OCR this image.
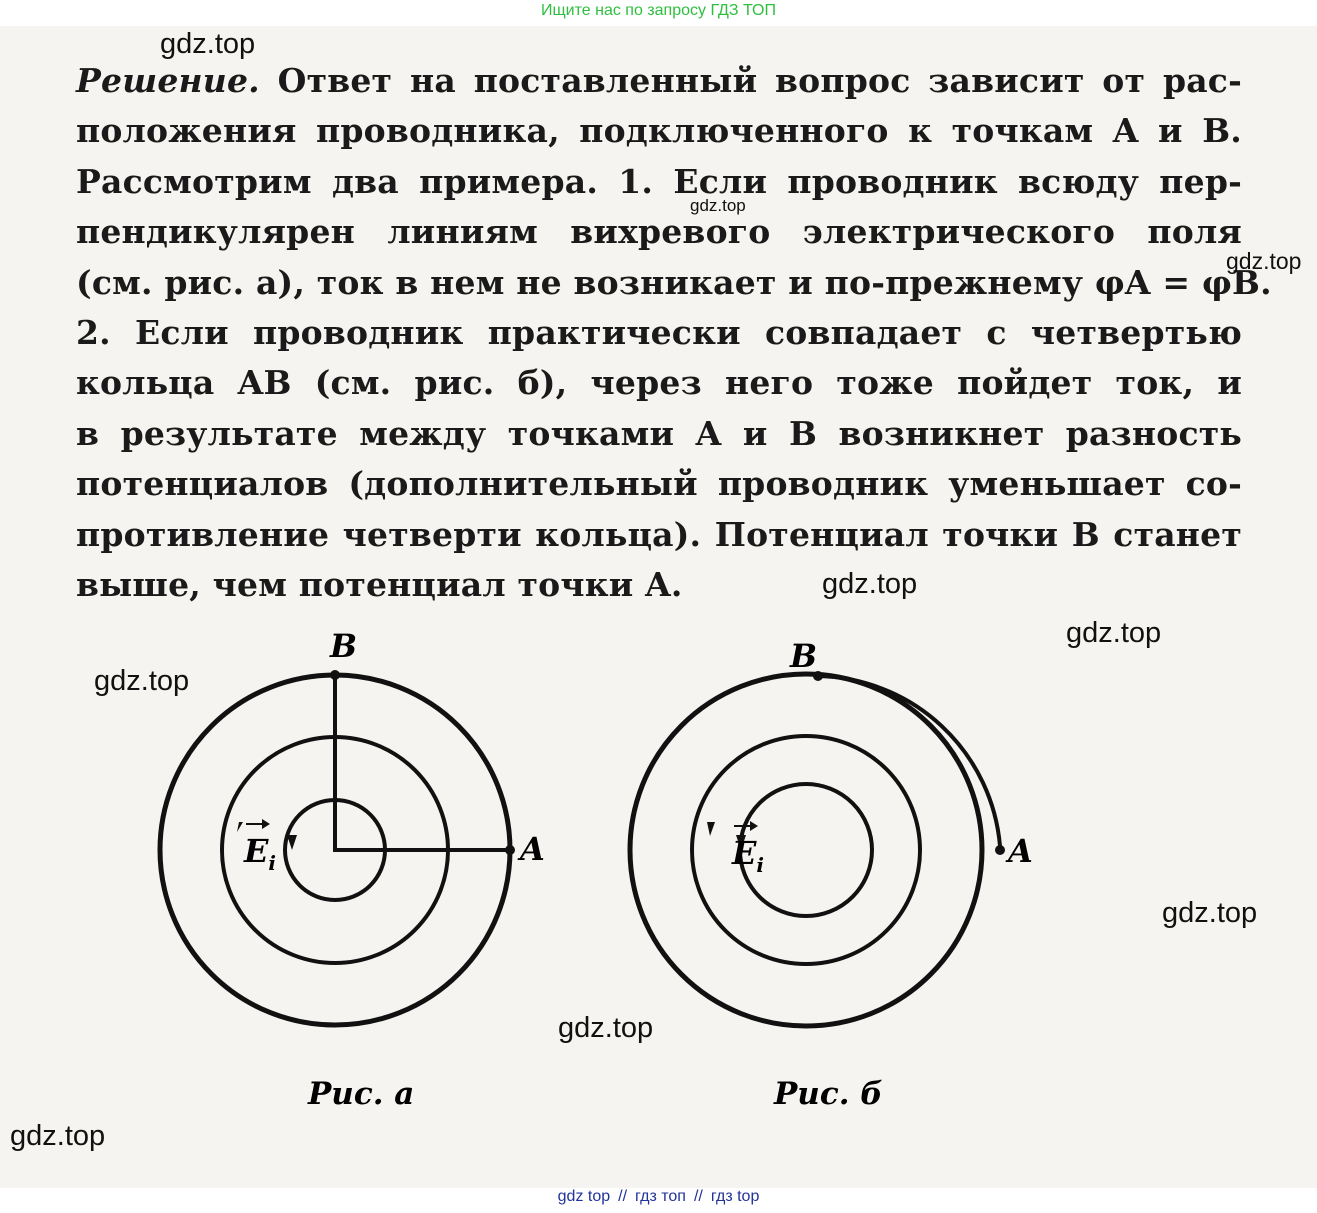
Ищите нас по запросу ГДЗ ТОП
Решение. Ответ на поставленный вопрос зависит от рас-
положения проводника, подключенного к точкам A и B.
Рассмотрим два примера. 1. Если проводник всюду пер-
пендикулярен линиям вихревого электрического поля
(см. рис. а), ток в нем не возникает и по-прежнему φA = φB.
2. Если проводник практически совпадает с четвертью
кольца AB (см. рис. б), через него тоже пойдет ток, и
в результате между точками A и B возникнет разность
потенциалов (дополнительный проводник уменьшает со-
противление четверти кольца). Потенциал точки B станет
выше, чем потенциал точки A.
B
A
$E_i$
Рис. а
B
A
$E_i$
Рис. б
gdz.top
gdz.top
gdz.top
gdz.top
gdz.top
gdz.top
gdz.top
gdz.top
gdz.top
gdz top // гдз топ // гдз top
